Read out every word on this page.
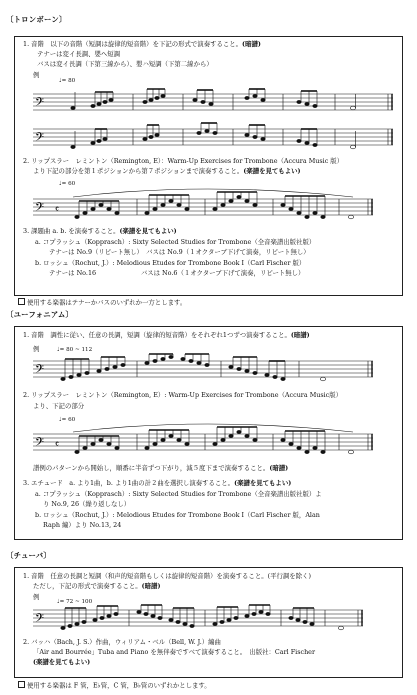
〔トロンボーン〕
1. 音階　以下の音階（短調は旋律的短音階）を下記の形式で演奏すること。(暗譜)
テナーは変イ長調、嬰ヘ短調
バスは変イ長調（下第三線から）、嬰ハ短調（下第二線から）
例
♩= 80
𝄢
𝄢
2. リップスラー　レミントン（Remington, E）：Warm-Up Exercises for Trombone（Accura Music 版）
より下記の部分を第１ポジションから第７ポジションまで演奏すること。(楽譜を見てもよい)
♩= 60
𝄢 𝄴
3. 課題曲 a. b. を演奏すること。(楽譜を見てもよい)
a. コプラッシュ（Kopprasch）: Sixty Selected Studies for Trombone（全音楽譜出版社版）
テナーは No.9（リピート無し）　バスは No.9（１オクターブ下げて演奏，リピート無し）
b. ロッシュ（Rochut, J.）: Melodious Etudes for Trombone Book I（Carl Fischer 版）
テナーは No.16　　　　　　　バスは No.6（１オクターブ下げて演奏，リピート無し）
使用する楽器はテナーかバスのいずれか一方とします。
〔ユーフォニアム〕
1. 音階　調性に従い、任意の長調，短調（旋律的短音階）をそれぞれ1つずつ演奏すること。(暗譜)
例	♩= 80 ~ 112
𝄢
2. リップスラー　レミントン（Remington, E）: Warm-Up Exercises for Trombone（Accura Music版）
より、下記の部分
♩= 60
𝄢 𝄴
譜例のパターンから開始し，順番に半音ずつ下がり，減５度下まで演奏すること。(暗譜)
3. エチュード　a. より1曲，b. より1曲の計２曲を選択し演奏すること。(楽譜を見てもよい)
a. コプラッシュ（Kopprasch）: Sixty Selected Studies for Trombone（全音楽譜出版社版）よ
り No.9, 26（繰り返しなし）
b. ロッシュ（Rochut, J.）: Melodious Etudes for Trombone Book I（Carl Fischer 版，Alan
Raph 編）より No.13, 24
〔チューバ〕
1. 音階　任意の長調と短調（和声的短音階もしくは旋律的短音階）を演奏すること。(平行調を除く)
ただし，下記の形式で演奏すること。(暗譜)
例
♩= 72 ~ 100
𝄢
2. バッハ（Bach, J. S.）作曲，ウィリアム・ベル（Bell, W. J.）編曲
「Air and Bourrée」Tuba and Piano を無伴奏ですべて演奏すること。　出版社：Carl Fischer
(楽譜を見てもよい)
使用する楽器は F 管，E♭管，C 管，B♭管のいずれかとします。
